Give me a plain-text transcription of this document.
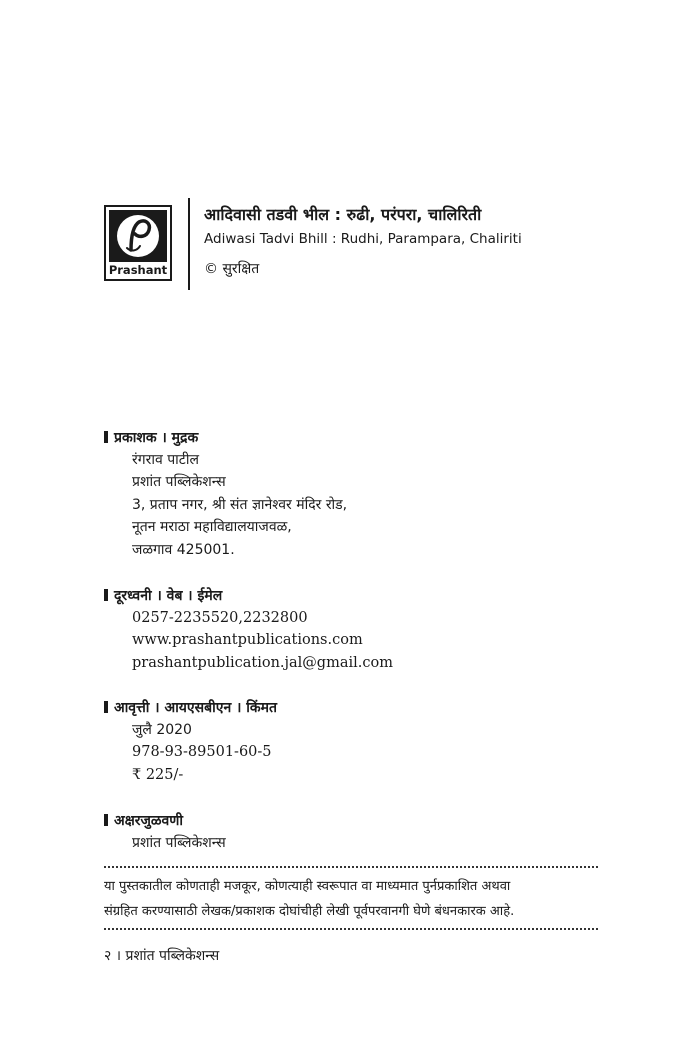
Prashant
आदिवासी तडवी भील : रुढी, परंपरा, चालिरिती
Adiwasi Tadvi Bhill : Rudhi, Parampara, Chaliriti
© सुरक्षित
प्रकाशक । मुद्रक
रंगराव पाटील
प्रशांत पब्लिकेशन्स
3, प्रताप नगर, श्री संत ज्ञानेश्वर मंदिर रोड,
नूतन मराठा महाविद्यालयाजवळ,
जळगाव 425001.
दूरध्वनी । वेब । ईमेल
0257-2235520,2232800
www.prashantpublications.com
prashantpublication.jal@gmail.com
आवृत्ती । आयएसबीएन । किंमत
जुलै 2020
978-93-89501-60-5
₹ 225/-
अक्षरजुळवणी
प्रशांत पब्लिकेशन्स
या पुस्तकातील कोणताही मजकूर, कोणत्याही स्वरूपात वा माध्यमात पुर्नप्रकाशित अथवा
संग्रहित करण्यासाठी लेखक/प्रकाशक दोघांचीही लेखी पूर्वपरवानगी घेणे बंधनकारक आहे.
२ । प्रशांत पब्लिकेशन्स
